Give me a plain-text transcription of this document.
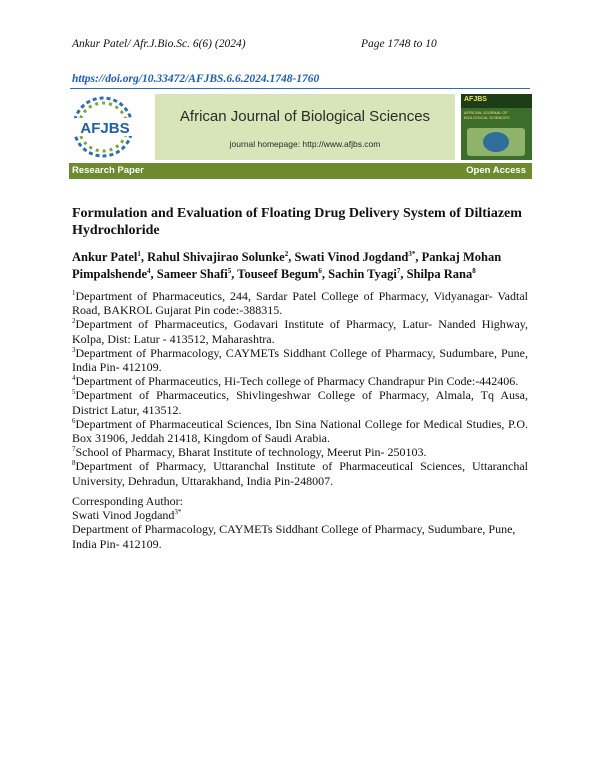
Ankur Patel/ Afr.J.Bio.Sc. 6(6) (2024)	Page 1748 to 10
https://doi.org/10.33472/AFJBS.6.6.2024.1748-1760
AFJBS
African Journal of Biological Sciences
journal homepage: http://www.afjbs.com
AFJBS
AFRICAN JOURNAL OF BIOLOGICAL SCIENCES
Research Paper	Open Access
Formulation and Evaluation of Floating Drug Delivery System of Diltiazem Hydrochloride
Ankur Patel$^1$, Rahul Shivajirao Solunke$^2$, Swati Vinod Jogdand$^{3*}$, Pankaj Mohan Pimpalshende$^4$, Sameer Shafi$^5$, Touseef Begum$^6$, Sachin Tyagi$^7$, Shilpa Rana$^8$

$^1$Department of Pharmaceutics, 244, Sardar Patel College of Pharmacy, Vidyanagar- Vadtal Road, BAKROL Gujarat Pin code:-388315.

$^2$Department of Pharmaceutics, Godavari Institute of Pharmacy, Latur- Nanded Highway, Kolpa, Dist: Latur - 413512, Maharashtra.

$^3$Department of Pharmacology, CAYMETs Siddhant College of Pharmacy, Sudumbare, Pune, India Pin- 412109.

$^4$Department of Pharmaceutics, Hi-Tech college of Pharmacy Chandrapur Pin Code:-442406.

$^5$Department of Pharmaceutics, Shivlingeshwar College of Pharmacy, Almala, Tq Ausa, District Latur, 413512.

$^6$Department of Pharmaceutical Sciences, Ibn Sina National College for Medical Studies, P.O. Box 31906, Jeddah 21418, Kingdom of Saudi Arabia.

$^7$School of Pharmacy, Bharat Institute of technology, Meerut Pin- 250103.

$^8$Department of Pharmacy, Uttaranchal Institute of Pharmaceutical Sciences, Uttaranchal University, Dehradun, Uttarakhand, India Pin-248007.

Corresponding Author:

Swati Vinod Jogdand$^{3*}$

Department of Pharmacology, CAYMETs Siddhant College of Pharmacy, Sudumbare, Pune, India Pin- 412109.
